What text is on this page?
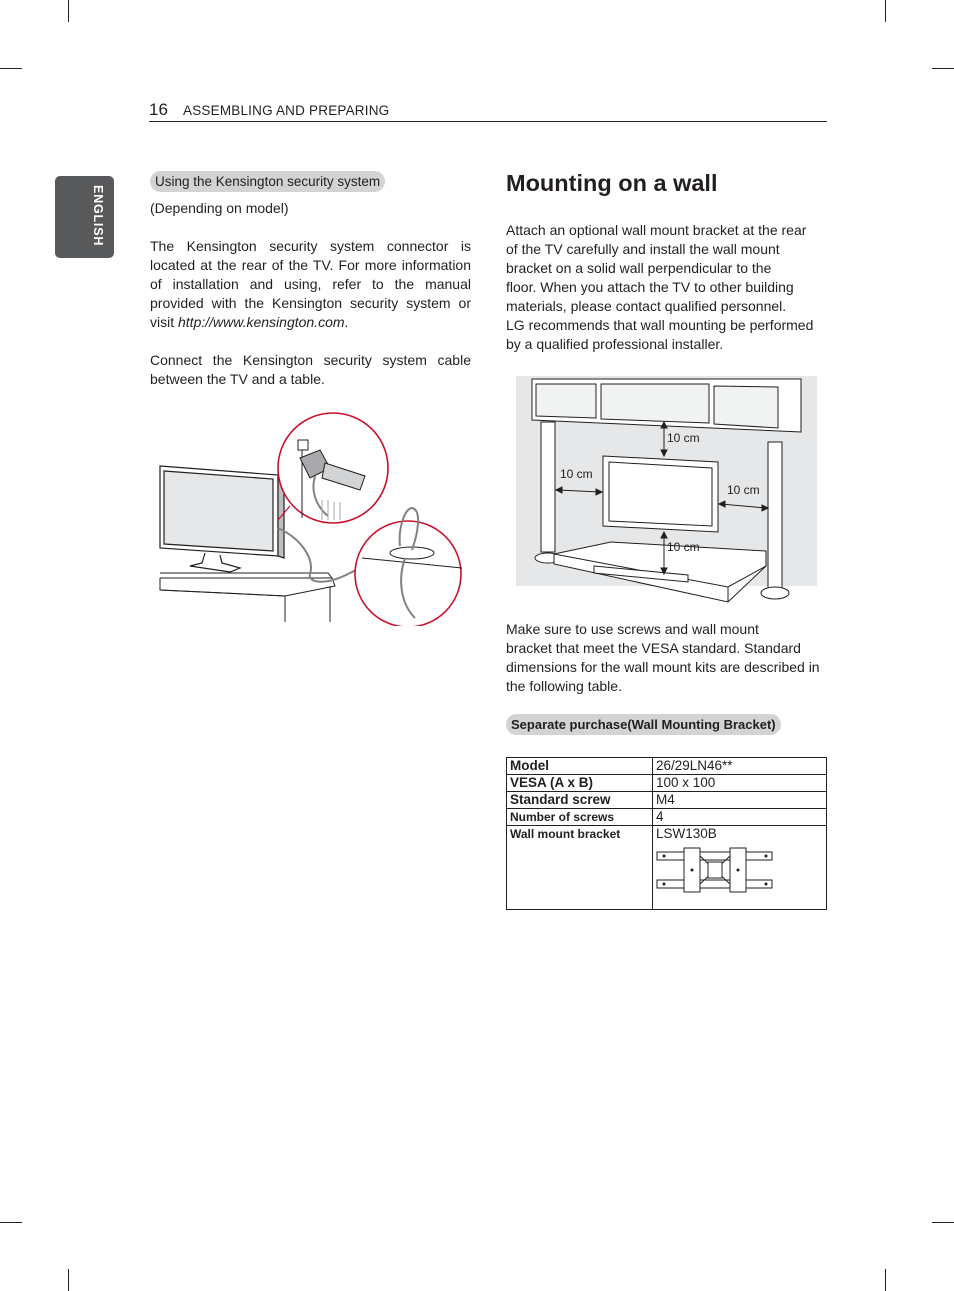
16 ASSEMBLING AND PREPARING
ENGLISH
Using the Kensington security system
(Depending on model)
The Kensington security system connector is located at the rear of the TV. For more information of installation and using, refer to the manual provided with the Kensington security system or visit http://www.kensington.com.
Connect the Kensington security system cable between the TV and a table.
Mounting on a wall
Attach an optional wall mount bracket at the rear
of the TV carefully and install the wall mount
bracket on a solid wall perpendicular to the
floor. When you attach the TV to other building
materials, please contact qualified personnel.
LG recommends that wall mounting be performed
by a qualified professional installer.
10 cm
10 cm
10 cm
10 cm
Make sure to use screws and wall mount
bracket that meet the VESA standard. Standard
dimensions for the wall mount kits are described in
the following table.
Separate purchase(Wall Mounting Bracket)
Model	26/29LN46**
VESA (A x B)	100 x 100
Standard screw	M4
Number of screws	4
Wall mount bracket	LSW130B
